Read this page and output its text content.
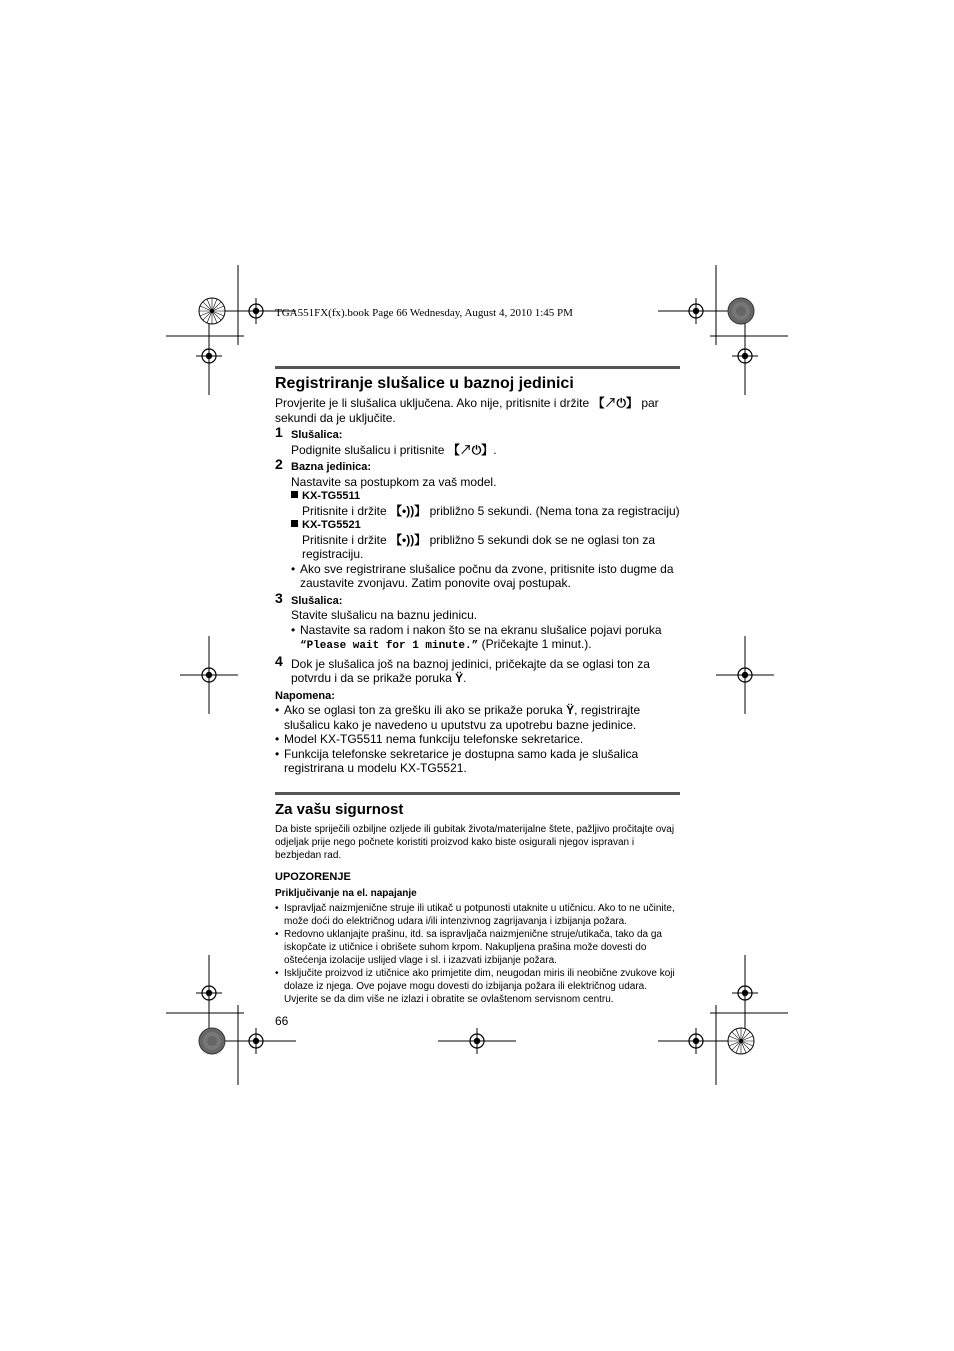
TGA551FX(fx).book Page 66 Wednesday, August 4, 2010 1:45 PM
Registriranje slušalice u baznoj jedinici

Provjerite je li slušalica uključena. Ako nije, pritisnite i držite 【↗⏻】 par sekundi da je uključite.

1 Slušalica:
Podignite slušalicu i pritisnite 【↗⏻】.
2 Bazna jedinica:
Nastavite sa postupkom za vaš model.
KX-TG5511
Pritisnite i držite 【•))】 približno 5 sekundi. (Nema tona za registraciju)
KX-TG5521
Pritisnite i držite 【•))】 približno 5 sekundi dok se ne oglasi ton za registraciju.
• Ako sve registrirane slušalice počnu da zvone, pritisnite isto dugme da zaustavite zvonjavu. Zatim ponovite ovaj postupak.
3 Slušalica:
Stavite slušalicu na baznu jedinicu.
• Nastavite sa radom i nakon što se na ekranu slušalice pojavi poruka
“Please wait for 1 minute.” (Pričekajte 1 minut.).
4 Dok je slušalica još na baznoj jedinici, pričekajte da se oglasi ton za potvrdu i da se prikaže poruka Ÿ.
Napomena:
• Ako se oglasi ton za grešku ili ako se prikaže poruka Ÿ, registrirajte slušalicu kako je navedeno u uputstvu za upotrebu bazne jedinice.
• Model KX-TG5511 nema funkciju telefonske sekretarice.
• Funkcija telefonske sekretarice je dostupna samo kada je slušalica registrirana u modelu KX-TG5521.
Za vašu sigurnost

Da biste spriječili ozbiljne ozljede ili gubitak života/materijalne štete, pažljivo pročitajte ovaj odjeljak prije nego počnete koristiti proizvod kako biste osigurali njegov ispravan i bezbjedan rad.

UPOZORENJE
Priključivanje na el. napajanje
• Ispravljač naizmjenične struje ili utikač u potpunosti utaknite u utičnicu. Ako to ne učinite, može doći do električnog udara i/ili intenzivnog zagrijavanja i izbijanja požara.
• Redovno uklanjajte prašinu, itd. sa ispravljača naizmjenične struje/utikača, tako da ga iskopčate iz utičnice i obrišete suhom krpom. Nakupljena prašina može dovesti do oštećenja izolacije uslijed vlage i sl. i izazvati izbijanje požara.
• Isključite proizvod iz utičnice ako primjetite dim, neugodan miris ili neobične zvukove koji dolaze iz njega. Ove pojave mogu dovesti do izbijanja požara ili električnog udara. Uvjerite se da dim više ne izlazi i obratite se ovlaštenom servisnom centru.
66
